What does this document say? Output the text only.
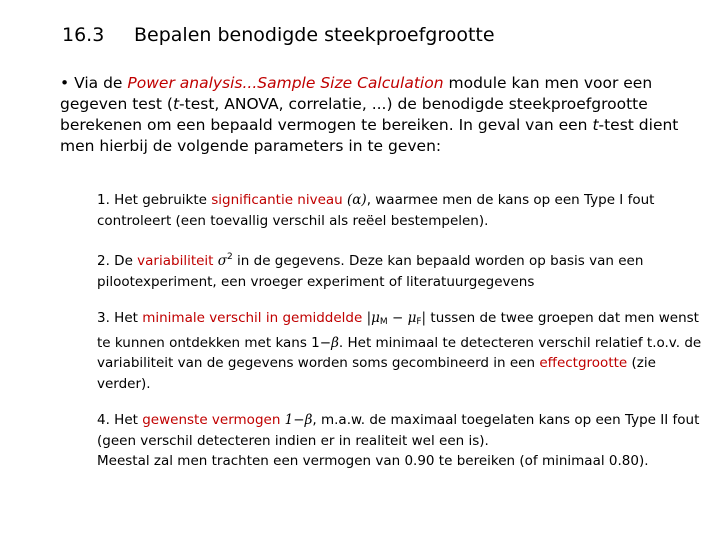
16.3 Bepalen benodigde steekproefgrootte
• Via de Power analysis...Sample Size Calculation module kan men voor een gegeven test (t-test, ANOVA, correlatie, ...) de benodigde steekproefgrootte berekenen om een bepaald vermogen te bereiken. In geval van een t-test dient men hierbij de volgende parameters in te geven:

1. Het gebruikte significantie niveau (α), waarmee men de kans op een Type I fout controleert (een toevallig verschil als reëel bestempelen).

2. De variabiliteit $\sigma^2$ in de gegevens. Deze kan bepaald worden op basis van een pilootexperiment, een vroeger experiment of literatuurgegevens

3. Het minimale verschil in gemiddelde $|\mu_M - \mu_F|$ tussen de twee groepen dat men wenst te kunnen ontdekken met kans 1−β. Het minimaal te detecteren verschil relatief t.o.v. de variabiliteit van de gegevens worden soms gecombineerd in een effectgrootte (zie verder).

4. Het gewenste vermogen 1−β, m.a.w. de maximaal toegelaten kans op een Type II fout (geen verschil detecteren indien er in realiteit wel een is).
Meestal zal men trachten een vermogen van 0.90 te bereiken (of minimaal 0.80).
